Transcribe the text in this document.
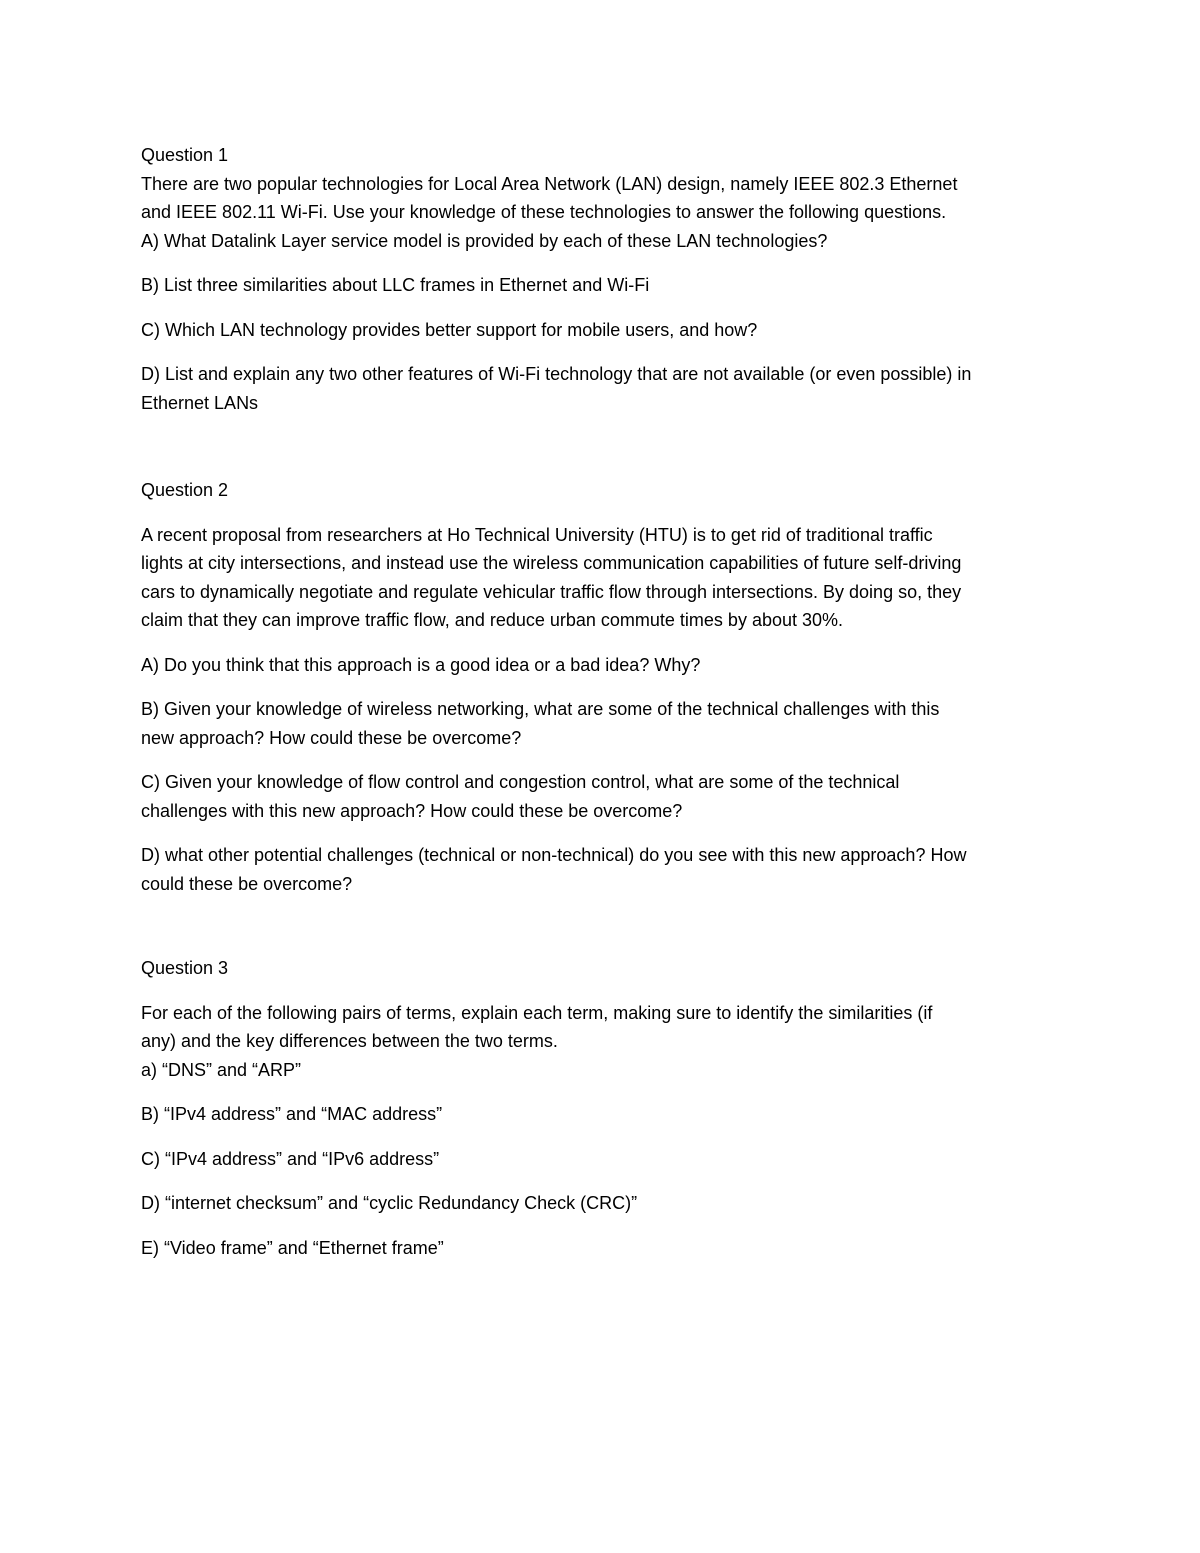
Question 1
There are two popular technologies for Local Area Network (LAN) design, namely IEEE 802.3 Ethernet
and IEEE 802.11 Wi-Fi. Use your knowledge of these technologies to answer the following questions.
A) What Datalink Layer service model is provided by each of these LAN technologies?
B) List three similarities about LLC frames in Ethernet and Wi-Fi
C) Which LAN technology provides better support for mobile users, and how?
D) List and explain any two other features of Wi-Fi technology that are not available (or even possible) in
Ethernet LANs
Question 2
A recent proposal from researchers at Ho Technical University (HTU) is to get rid of traditional traffic
lights at city intersections, and instead use the wireless communication capabilities of future self-driving
cars to dynamically negotiate and regulate vehicular traffic flow through intersections. By doing so, they
claim that they can improve traffic flow, and reduce urban commute times by about 30%.
A) Do you think that this approach is a good idea or a bad idea? Why?
B) Given your knowledge of wireless networking, what are some of the technical challenges with this
new approach? How could these be overcome?
C) Given your knowledge of flow control and congestion control, what are some of the technical
challenges with this new approach? How could these be overcome?
D) what other potential challenges (technical or non-technical) do you see with this new approach? How
could these be overcome?
Question 3
For each of the following pairs of terms, explain each term, making sure to identify the similarities (if
any) and the key differences between the two terms.
a) “DNS” and “ARP”
B) “IPv4 address” and “MAC address”
C) “IPv4 address” and “IPv6 address”
D) “internet checksum” and “cyclic Redundancy Check (CRC)”
E) “Video frame” and “Ethernet frame”
